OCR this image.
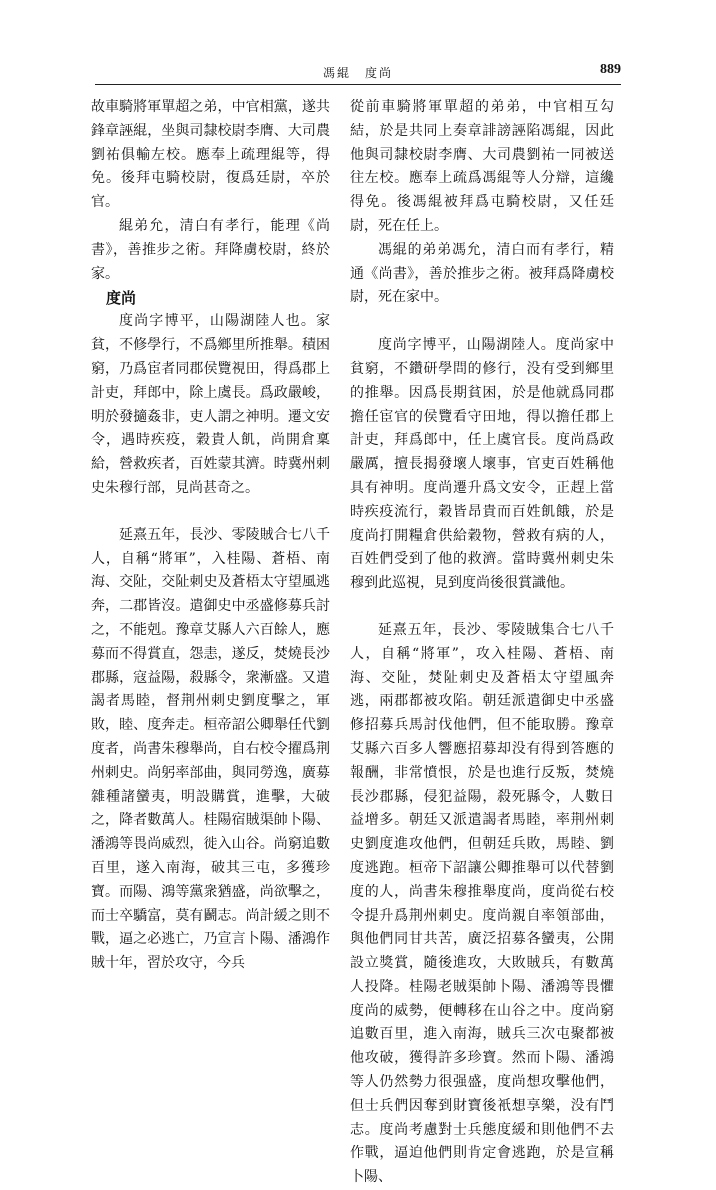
馮緄　度尚	889

故車騎將軍單超之弟，中官相黨，遂共鋒章誣緄，坐與司隸校尉李膺、大司農劉祐俱輸左校。應奉上疏理緄等，得免。後拜屯騎校尉，復爲廷尉，卒於官。

緄弟允，清白有孝行，能理《尚書》，善推步之術。拜降虜校尉，終於家。

度尚

度尚字博平，山陽湖陸人也。家貧，不修學行，不爲鄉里所推舉。積困窮，乃爲宦者同郡侯覽視田，得爲郡上計吏，拜郎中，除上虞長。爲政嚴峻，明於發擿姦非，吏人謂之神明。遷文安令，遇時疾疫，穀貴人飢，尚開倉稟給，營救疾者，百姓蒙其濟。時冀州刺史朱穆行部，見尚甚奇之。

延熹五年，長沙、零陵賊合七八千人，自稱“將軍”，入桂陽、蒼梧、南海、交阯，交阯刺史及蒼梧太守望風逃奔，二郡皆沒。遣御史中丞盛修募兵討之，不能剋。豫章艾縣人六百餘人，應募而不得賞直，怨恚，遂反，焚燒長沙郡縣，寇益陽，殺縣令，衆漸盛。又遣謁者馬睦，督荆州刺史劉度擊之，軍敗，睦、度奔走。桓帝詔公卿舉任代劉度者，尚書朱穆舉尚，自右校令擢爲荆州刺史。尚躬率部曲，與同勞逸，廣募雜種諸蠻夷，明設購賞，進擊，大破之，降者數萬人。桂陽宿賊渠帥卜陽、潘鴻等畏尚威烈，徙入山谷。尚窮追數百里，遂入南海，破其三屯，多獲珍寶。而陽、鴻等黨衆猶盛，尚欲擊之，而士卒驕富，莫有鬬志。尚計緩之則不戰，逼之必逃亡，乃宣言卜陽、潘鴻作賊十年，習於攻守，今兵

從前車騎將軍單超的弟弟，中官相互勾結，於是共同上奏章誹謗誣陷馮緄，因此他與司隸校尉李膺、大司農劉祐一同被送往左校。應奉上疏爲馮緄等人分辯，這纔得免。後馮緄被拜爲屯騎校尉，又任廷尉，死在任上。

馮緄的弟弟馮允，清白而有孝行，精通《尚書》，善於推步之術。被拜爲降虜校尉，死在家中。

度尚字博平，山陽湖陸人。度尚家中貧窮，不鑽研學問的修行，没有受到鄉里的推舉。因爲長期貧困，於是他就爲同郡擔任宦官的侯覽看守田地，得以擔任郡上計吏，拜爲郎中，任上虞官長。度尚爲政嚴厲，擅長揭發壞人壞事，官吏百姓稱他具有神明。度尚遷升爲文安令，正趕上當時疾疫流行，穀皆昂貴而百姓飢餓，於是度尚打開糧倉供給穀物，營救有病的人，百姓們受到了他的救濟。當時冀州刺史朱穆到此巡視，見到度尚後很賞識他。

延熹五年，長沙、零陵賊集合七八千人，自稱“將軍”，攻入桂陽、蒼梧、南海、交阯，焚阯刺史及蒼梧太守望風奔逃，兩郡都被攻陷。朝廷派遣御史中丞盛修招募兵馬討伐他們，但不能取勝。豫章艾縣六百多人響應招募却没有得到答應的報酬，非常憤恨，於是也進行反叛，焚燒長沙郡縣，侵犯益陽，殺死縣令，人數日益增多。朝廷又派遣謁者馬睦，率荆州刺史劉度進攻他們，但朝廷兵敗，馬睦、劉度逃跑。桓帝下詔讓公卿推舉可以代替劉度的人，尚書朱穆推舉度尚，度尚從右校令提升爲荆州刺史。度尚親自率領部曲，與他們同甘共苦，廣泛招募各蠻夷，公開設立獎賞，隨後進攻，大敗賊兵，有數萬人投降。桂陽老賊渠帥卜陽、潘鴻等畏懼度尚的威勢，便轉移在山谷之中。度尚窮追數百里，進入南海，賊兵三次屯聚都被他攻破，獲得許多珍寶。然而卜陽、潘鴻等人仍然勢力很强盛，度尚想攻擊他們，但士兵們因奪到財寶後衹想享樂，没有鬥志。度尚考慮對士兵態度緩和則他們不去作戰，逼迫他們則肯定會逃跑，於是宣稱卜陽、
